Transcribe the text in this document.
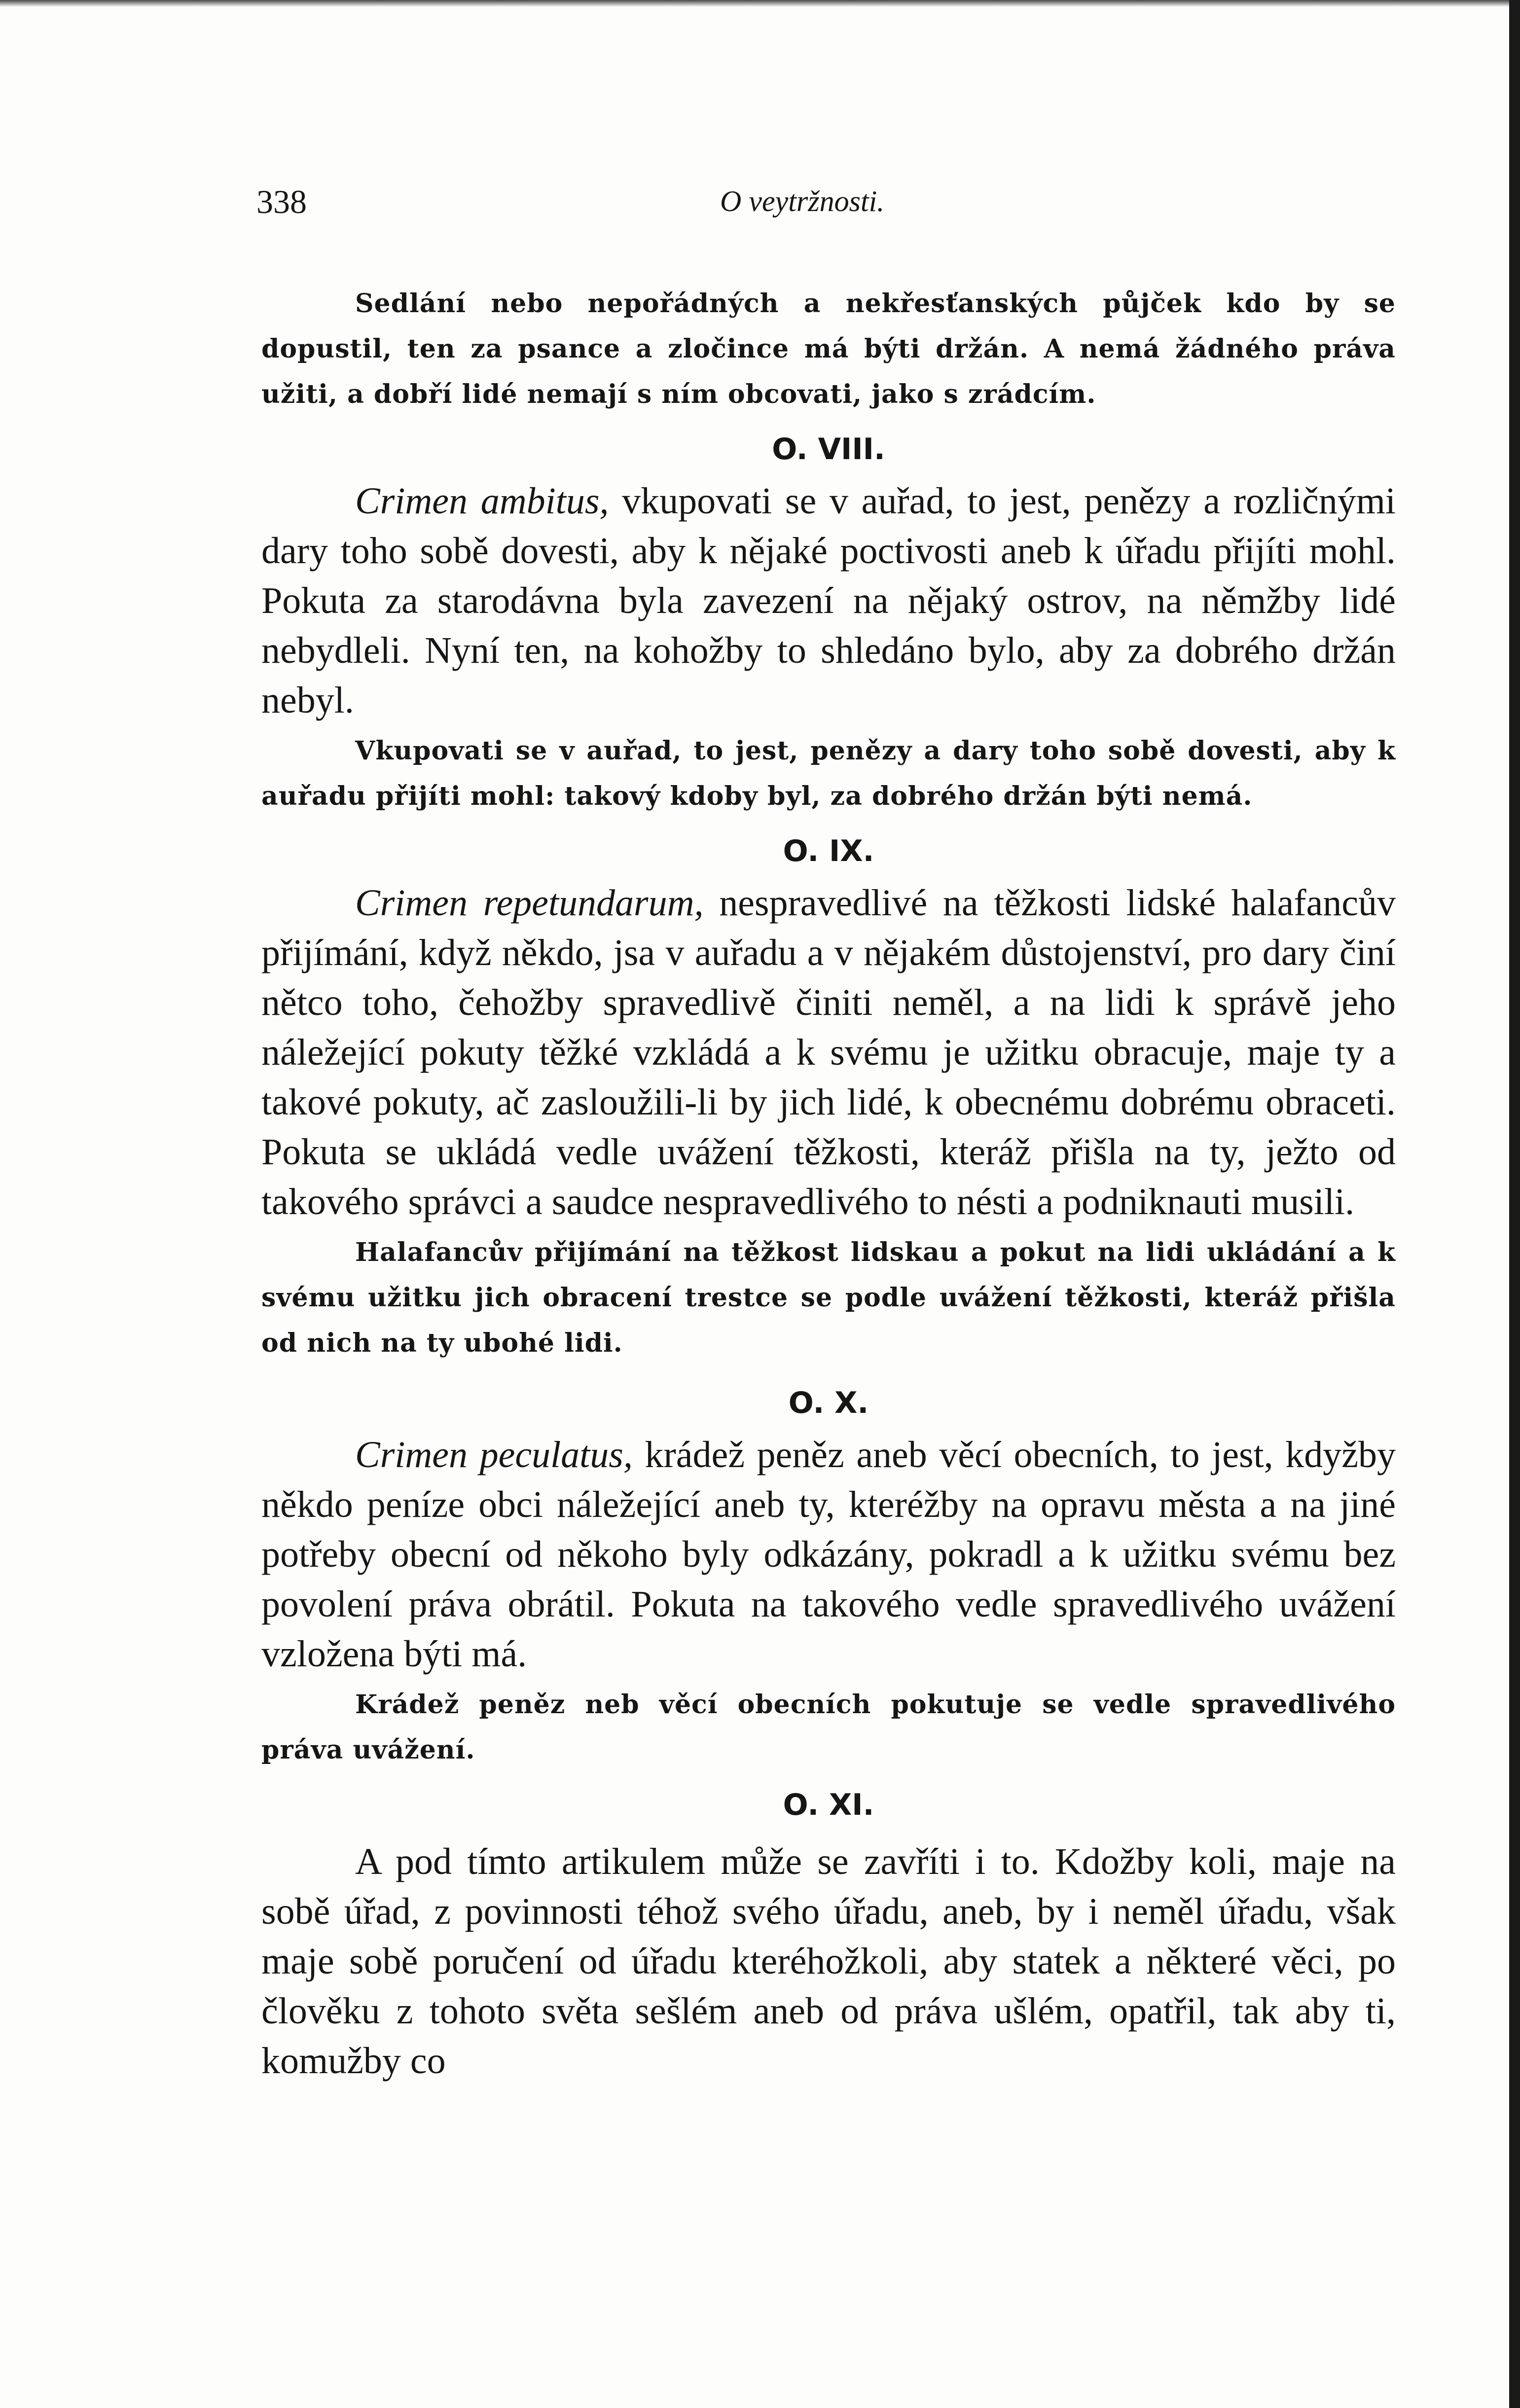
338	O veytržnosti.

Sedlání nebo nepořádných a nekřesťanských půjček kdo by se dopustil, ten za psance a zločince má býti držán. A nemá žádného práva užiti, a dobří lidé nemají s ním obcovati, jako s zrádcím.

O. VIII.

Crimen ambitus, vkupovati se v auřad, to jest, penězy a rozličnými dary toho sobě dovesti, aby k nějaké poctivosti aneb k úřadu přijíti mohl. Pokuta za starodávna byla zavezení na nějaký ostrov, na němžby lidé nebydleli. Nyní ten, na kohožby to shledáno bylo, aby za dobrého držán nebyl.

Vkupovati se v auřad, to jest, penězy a dary toho sobě dovesti, aby k auřadu přijíti mohl: takový kdoby byl, za dobrého držán býti nemá.

O. IX.

Crimen repetundarum, nespravedlivé na těžkosti lidské halafancův přijímání, když někdo, jsa v auřadu a v nějakém důstojenství, pro dary činí nětco toho, čehožby spravedlivě činiti neměl, a na lidi k správě jeho náležející pokuty těžké vzkládá a k svému je užitku obracuje, maje ty a takové pokuty, ač zasloužili-li by jich lidé, k obecnému dobrému obraceti. Pokuta se ukládá vedle uvážení těžkosti, kteráž přišla na ty, ježto od takového správci a saudce nespravedlivého to nésti a podniknauti musili.

Halafancův přijímání na těžkost lidskau a pokut na lidi ukládání a k svému užitku jich obracení trestce se podle uvážení těžkosti, kteráž přišla od nich na ty ubohé lidi.

O. X.

Crimen peculatus, krádež peněz aneb věcí obecních, to jest, kdyžby někdo peníze obci náležející aneb ty, kteréžby na opravu města a na jiné potřeby obecní od někoho byly odkázány, pokradl a k užitku svému bez povolení práva obrátil. Pokuta na takového vedle spravedlivého uvážení vzložena býti má.

Krádež peněz neb věcí obecních pokutuje se vedle spravedlivého práva uvážení.

O. XI.

A pod tímto artikulem může se zavříti i to. Kdožby koli, maje na sobě úřad, z povinnosti téhož svého úřadu, aneb, by i neměl úřadu, však maje sobě poručení od úřadu kteréhožkoli, aby statek a některé věci, po člověku z tohoto světa sešlém aneb od práva ušlém, opatřil, tak aby ti, komužby co
